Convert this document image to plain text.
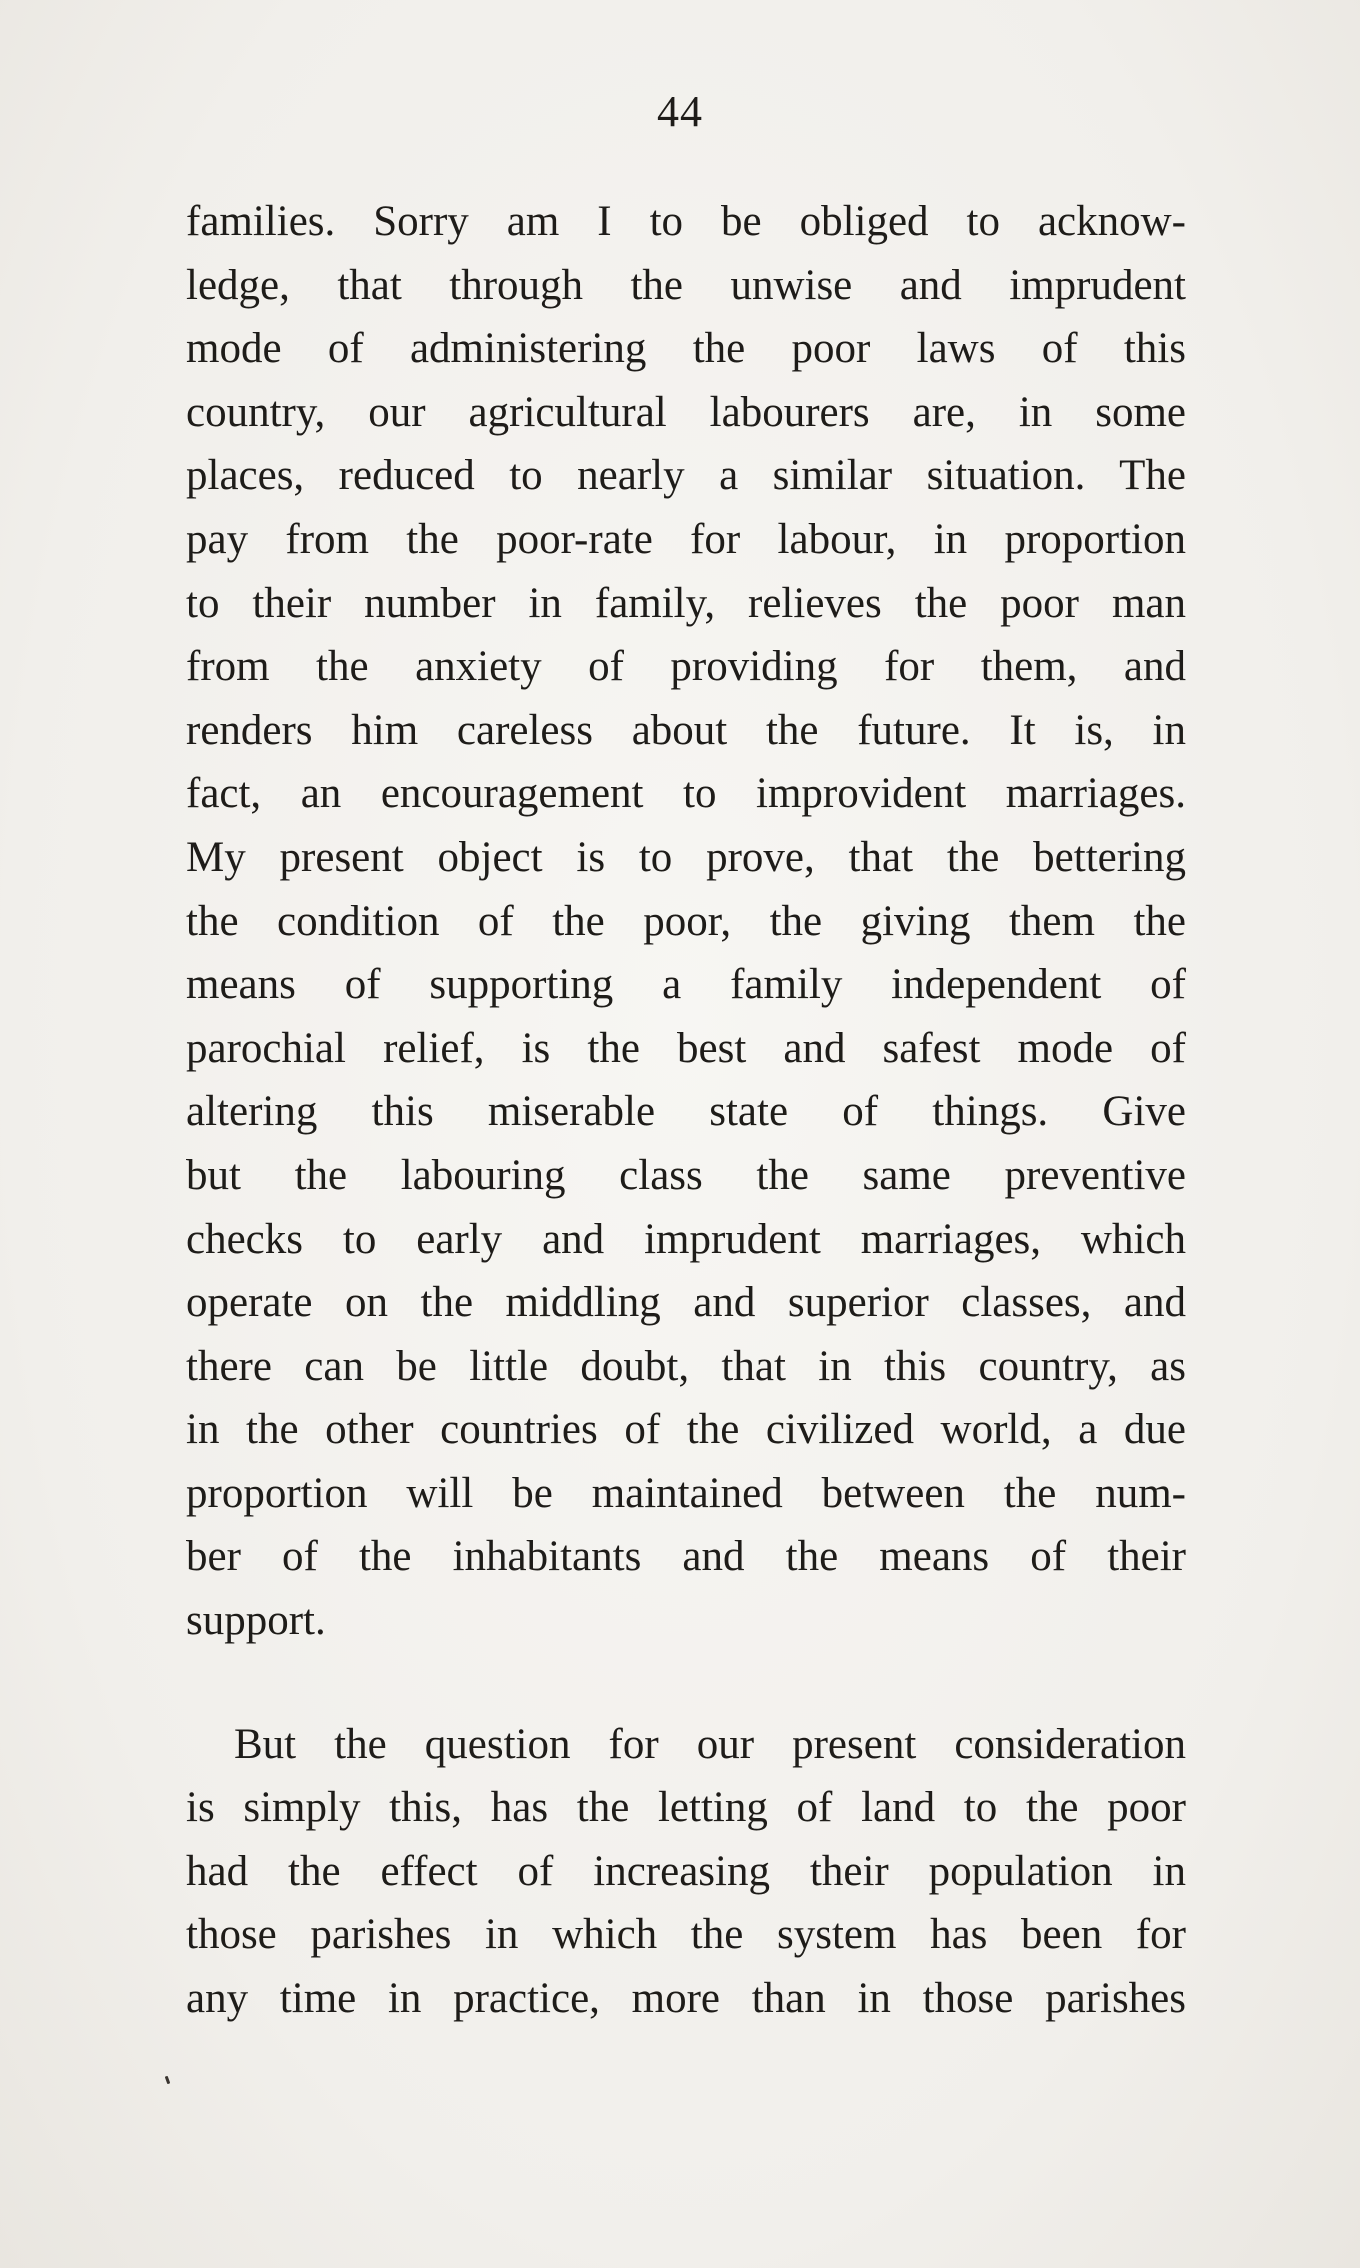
44
families. Sorry am I to be obliged to acknow-
ledge, that through the unwise and imprudent
mode of administering the poor laws of this
country, our agricultural labourers are, in some
places, reduced to nearly a similar situation. The
pay from the poor-rate for labour, in proportion
to their number in family, relieves the poor man
from the anxiety of providing for them, and
renders him careless about the future. It is, in
fact, an encouragement to improvident marriages.
My present object is to prove, that the bettering
the condition of the poor, the giving them the
means of supporting a family independent of
parochial relief, is the best and safest mode of
altering this miserable state of things. Give
but the labouring class the same preventive
checks to early and imprudent marriages, which
operate on the middling and superior classes, and
there can be little doubt, that in this country, as
in the other countries of the civilized world, a due
proportion will be maintained between the num-
ber of the inhabitants and the means of their
support.
But the question for our present consideration
is simply this, has the letting of land to the poor
had the effect of increasing their population in
those parishes in which the system has been for
any time in practice, more than in those parishes
